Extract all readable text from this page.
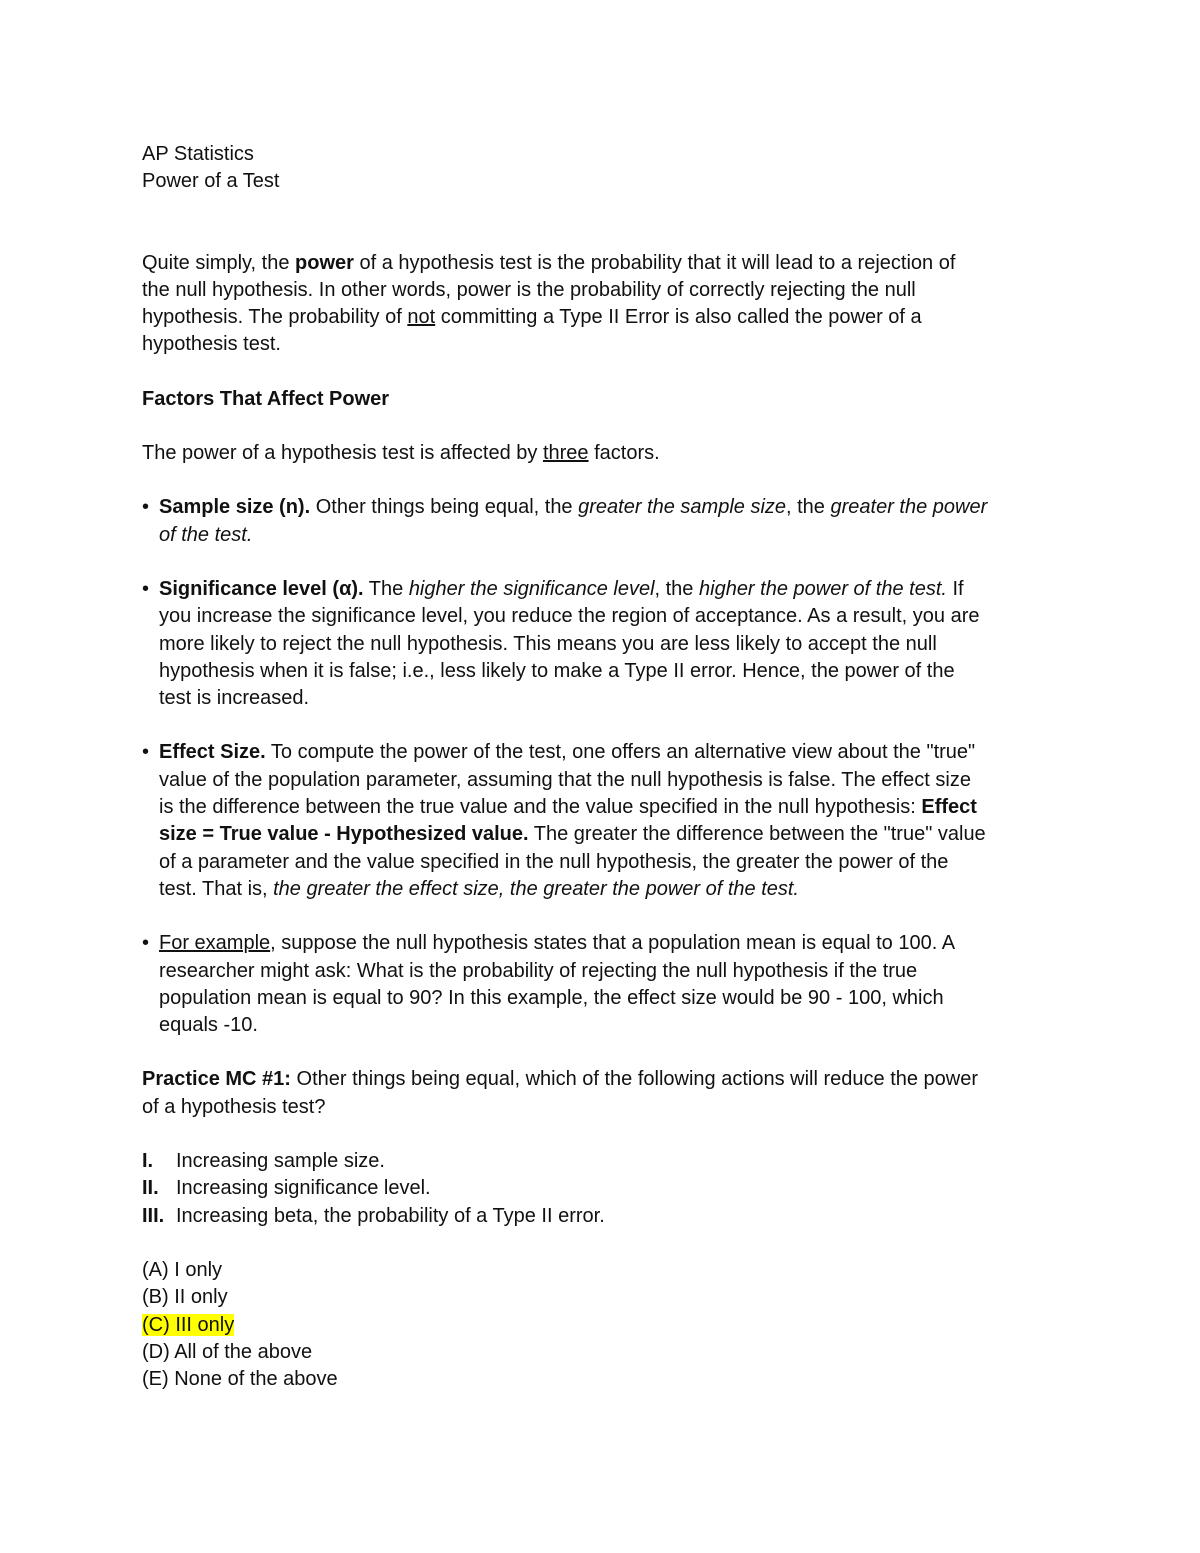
AP Statistics
Power of a Test
Quite simply, the power of a hypothesis test is the probability that it will lead to a rejection of
the null hypothesis. In other words, power is the probability of correctly rejecting the null
hypothesis. The probability of not committing a Type II Error is also called the power of a
hypothesis test.
Factors That Affect Power
The power of a hypothesis test is affected by three factors.
• Sample size (n). Other things being equal, the greater the sample size, the greater the power
of the test.
• Significance level (α). The higher the significance level, the higher the power of the test. If
you increase the significance level, you reduce the region of acceptance. As a result, you are
more likely to reject the null hypothesis. This means you are less likely to accept the null
hypothesis when it is false; i.e., less likely to make a Type II error. Hence, the power of the
test is increased.
• Effect Size. To compute the power of the test, one offers an alternative view about the "true"
value of the population parameter, assuming that the null hypothesis is false. The effect size
is the difference between the true value and the value specified in the null hypothesis: Effect
size = True value - Hypothesized value. The greater the difference between the "true" value
of a parameter and the value specified in the null hypothesis, the greater the power of the
test. That is, the greater the effect size, the greater the power of the test.
• For example, suppose the null hypothesis states that a population mean is equal to 100. A
researcher might ask: What is the probability of rejecting the null hypothesis if the true
population mean is equal to 90? In this example, the effect size would be 90 - 100, which
equals -10.
Practice MC #1: Other things being equal, which of the following actions will reduce the power
of a hypothesis test?
I.	Increasing sample size.
II. Increasing significance level.
III. Increasing beta, the probability of a Type II error.
(A) I only
(B) II only
(C) III only
(D) All of the above
(E) None of the above
